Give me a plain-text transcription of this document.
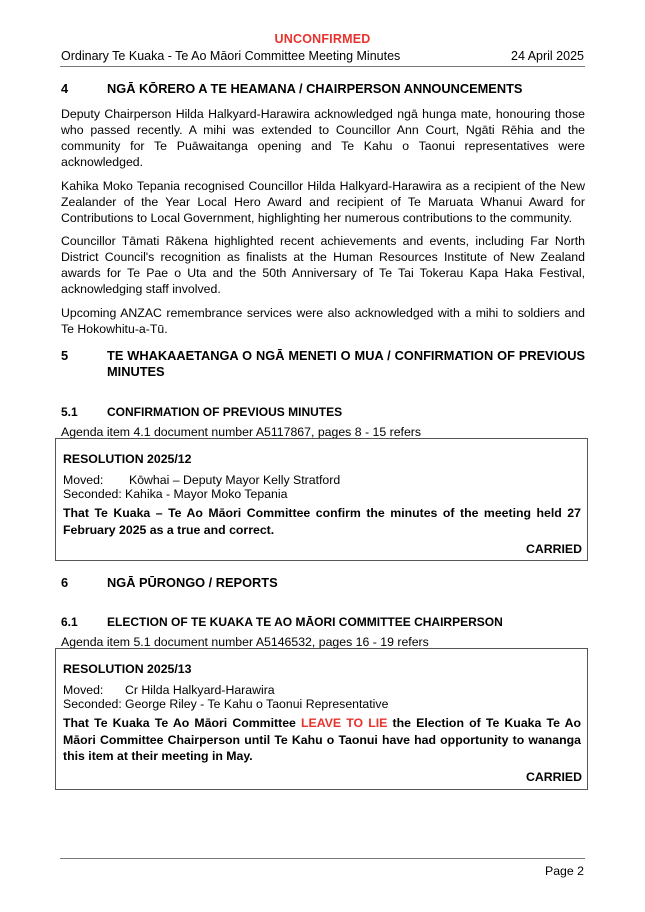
UNCONFIRMED
Ordinary Te Kuaka - Te Ao Māori Committee Meeting Minutes	24 April 2025
4	NGĀ KŌRERO A TE HEAMANA / CHAIRPERSON ANNOUNCEMENTS

Deputy Chairperson Hilda Halkyard-Harawira acknowledged ngā hunga mate, honouring those who passed recently. A mihi was extended to Councillor Ann Court, Ngāti Rēhia and the community for Te Puāwaitanga opening and Te Kahu o Taonui representatives were acknowledged.

Kahika Moko Tepania recognised Councillor Hilda Halkyard-Harawira as a recipient of the New Zealander of the Year Local Hero Award and recipient of Te Maruata Whanui Award for Contributions to Local Government, highlighting her numerous contributions to the community.

Councillor Tāmati Rākena highlighted recent achievements and events, including Far North District Council's recognition as finalists at the Human Resources Institute of New Zealand awards for Te Pae o Uta and the 50th Anniversary of Te Tai Tokerau Kapa Haka Festival, acknowledging staff involved.

Upcoming ANZAC remembrance services were also acknowledged with a mihi to soldiers and Te Hokowhitu-a-Tū.

5	TE WHAKAAETANGA O NGĀ MENETI O MUA / CONFIRMATION OF PREVIOUS MINUTES
5.1 CONFIRMATION OF PREVIOUS MINUTES
Agenda item 4.1 document number A5117867, pages 8 - 15 refers
RESOLUTION 2025/12
Moved: Kōwhai – Deputy Mayor Kelly Stratford
Seconded: Kahika - Mayor Moko Tepania

That Te Kuaka – Te Ao Māori Committee confirm the minutes of the meeting held 27 February 2025 as a true and correct.

CARRIED
6	NGĀ PŪRONGO / REPORTS
6.1 ELECTION OF TE KUAKA TE AO MĀORI COMMITTEE CHAIRPERSON
Agenda item 5.1 document number A5146532, pages 16 - 19 refers
RESOLUTION 2025/13
Moved: Cr Hilda Halkyard-Harawira
Seconded: George Riley - Te Kahu o Taonui Representative

That Te Kuaka Te Ao Māori Committee LEAVE TO LIE the Election of Te Kuaka Te Ao Māori Committee Chairperson until Te Kahu o Taonui have had opportunity to wananga this item at their meeting in May.

CARRIED
Page 2
